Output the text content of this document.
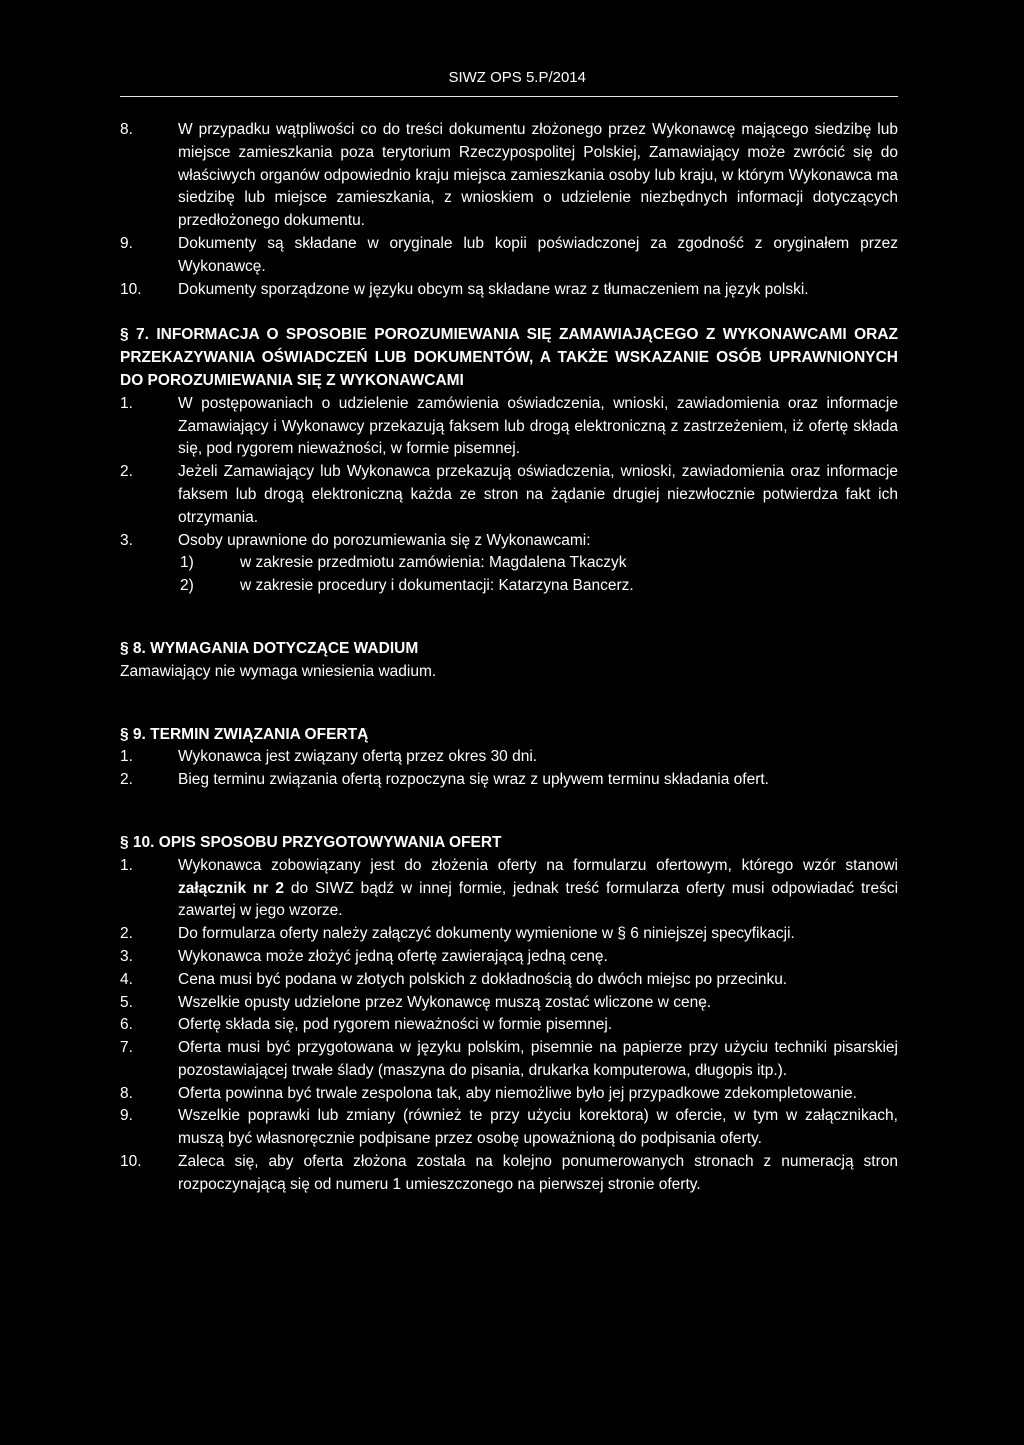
SIWZ OPS 5.P/2014
8.	W przypadku wątpliwości co do treści dokumentu złożonego przez Wykonawcę mającego siedzibę lub miejsce zamieszkania poza terytorium Rzeczypospolitej Polskiej, Zamawiający może zwrócić się do właściwych organów odpowiednio kraju miejsca zamieszkania osoby lub kraju, w którym Wykonawca ma siedzibę lub miejsce zamieszkania, z wnioskiem o udzielenie niezbędnych informacji dotyczących przedłożonego dokumentu.
9.	Dokumenty są składane w oryginale lub kopii poświadczonej za zgodność z oryginałem przez Wykonawcę.
10.	Dokumenty sporządzone w języku obcym są składane wraz z tłumaczeniem na język polski.
§ 7. INFORMACJA O SPOSOBIE POROZUMIEWANIA SIĘ ZAMAWIAJĄCEGO Z WYKONAWCAMI ORAZ PRZEKAZYWANIA OŚWIADCZEŃ LUB DOKUMENTÓW, A TAKŻE WSKAZANIE OSÓB UPRAWNIONYCH DO POROZUMIEWANIA SIĘ Z WYKONAWCAMI
1.	W postępowaniach o udzielenie zamówienia oświadczenia, wnioski, zawiadomienia oraz informacje Zamawiający i Wykonawcy przekazują faksem lub drogą elektroniczną z zastrzeżeniem, iż ofertę składa się, pod rygorem nieważności, w formie pisemnej.
2.	Jeżeli Zamawiający lub Wykonawca przekazują oświadczenia, wnioski, zawiadomienia oraz informacje faksem lub drogą elektroniczną każda ze stron na żądanie drugiej niezwłocznie potwierdza fakt ich otrzymania.
3.	Osoby uprawnione do porozumiewania się z Wykonawcami:
1)	w zakresie przedmiotu zamówienia: Magdalena Tkaczyk
2)	w zakresie procedury i dokumentacji: Katarzyna Bancerz.
§ 8. WYMAGANIA DOTYCZĄCE WADIUM
Zamawiający nie wymaga wniesienia wadium.
§ 9. TERMIN ZWIĄZANIA OFERTĄ
1.	Wykonawca jest związany ofertą przez okres 30 dni.
2.	Bieg terminu związania ofertą rozpoczyna się wraz z upływem terminu składania ofert.
§ 10. OPIS SPOSOBU PRZYGOTOWYWANIA OFERT
1.	Wykonawca zobowiązany jest do złożenia oferty na formularzu ofertowym, którego wzór stanowi załącznik nr 2 do SIWZ bądź w innej formie, jednak treść formularza oferty musi odpowiadać treści zawartej w jego wzorze.
2.	Do formularza oferty należy załączyć dokumenty wymienione w § 6 niniejszej specyfikacji.
3.	Wykonawca może złożyć jedną ofertę zawierającą jedną cenę.
4.	Cena musi być podana w złotych polskich z dokładnością do dwóch miejsc po przecinku.
5.	Wszelkie opusty udzielone przez Wykonawcę muszą zostać wliczone w cenę.
6.	Ofertę składa się, pod rygorem nieważności w formie pisemnej.
7.	Oferta musi być przygotowana w języku polskim, pisemnie na papierze przy użyciu techniki pisarskiej pozostawiającej trwałe ślady (maszyna do pisania, drukarka komputerowa, długopis itp.).
8.	Oferta powinna być trwale zespolona tak, aby niemożliwe było jej przypadkowe zdekompletowanie.
9.	Wszelkie poprawki lub zmiany (również te przy użyciu korektora) w ofercie, w tym w załącznikach, muszą być własnoręcznie podpisane przez osobę upoważnioną do podpisania oferty.
10.	Zaleca się, aby oferta złożona została na kolejno ponumerowanych stronach z numeracją stron rozpoczynającą się od numeru 1 umieszczonego na pierwszej stronie oferty.
